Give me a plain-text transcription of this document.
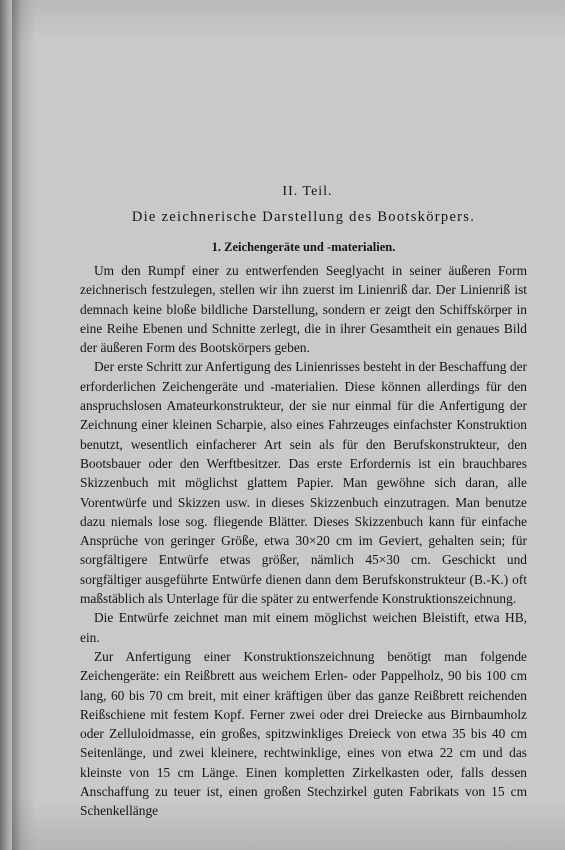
II. Teil.
Die zeichnerische Darstellung des Bootskörpers.
1. Zeichengeräte und -materialien.

Um den Rumpf einer zu entwerfenden Seeglyacht in seiner äußeren Form zeichnerisch festzulegen, stellen wir ihn zuerst im Linienriß dar. Der Linienriß ist demnach keine bloße bildliche Darstellung, sondern er zeigt den Schiffskörper in eine Reihe Ebenen und Schnitte zerlegt, die in ihrer Gesamtheit ein genaues Bild der äußeren Form des Bootskörpers geben.

Der erste Schritt zur Anfertigung des Linienrisses besteht in der Beschaffung der erforderlichen Zeichengeräte und -materialien. Diese können allerdings für den anspruchslosen Amateurkonstrukteur, der sie nur einmal für die Anfertigung der Zeichnung einer kleinen Scharpie, also eines Fahrzeuges einfachster Konstruktion benutzt, wesentlich einfacherer Art sein als für den Berufskonstrukteur, den Bootsbauer oder den Werftbesitzer. Das erste Erfordernis ist ein brauchbares Skizzenbuch mit möglichst glattem Papier. Man gewöhne sich daran, alle Vorentwürfe und Skizzen usw. in dieses Skizzenbuch einzutragen. Man benutze dazu niemals lose sog. fliegende Blätter. Dieses Skizzenbuch kann für einfache Ansprüche von geringer Größe, etwa 30×20 cm im Geviert, gehalten sein; für sorgfältigere Entwürfe etwas größer, nämlich 45×30 cm. Geschickt und sorgfältiger ausgeführte Entwürfe dienen dann dem Berufskonstrukteur (B.-K.) oft maßstäblich als Unterlage für die später zu entwerfende Konstruktionszeichnung.

Die Entwürfe zeichnet man mit einem möglichst weichen Bleistift, etwa HB, ein.

Zur Anfertigung einer Konstruktionszeichnung benötigt man folgende Zeichengeräte: ein Reißbrett aus weichem Erlen- oder Pappelholz, 90 bis 100 cm lang, 60 bis 70 cm breit, mit einer kräftigen über das ganze Reißbrett reichenden Reißschiene mit festem Kopf. Ferner zwei oder drei Dreiecke aus Birnbaumholz oder Zelluloidmasse, ein großes, spitzwinkliges Dreieck von etwa 35 bis 40 cm Seitenlänge, und zwei kleinere, rechtwinklige, eines von etwa 22 cm und das kleinste von 15 cm Länge. Einen kompletten Zirkelkasten oder, falls dessen Anschaffung zu teuer ist, einen großen Stechzirkel guten Fabrikats von 15 cm Schenkellänge
